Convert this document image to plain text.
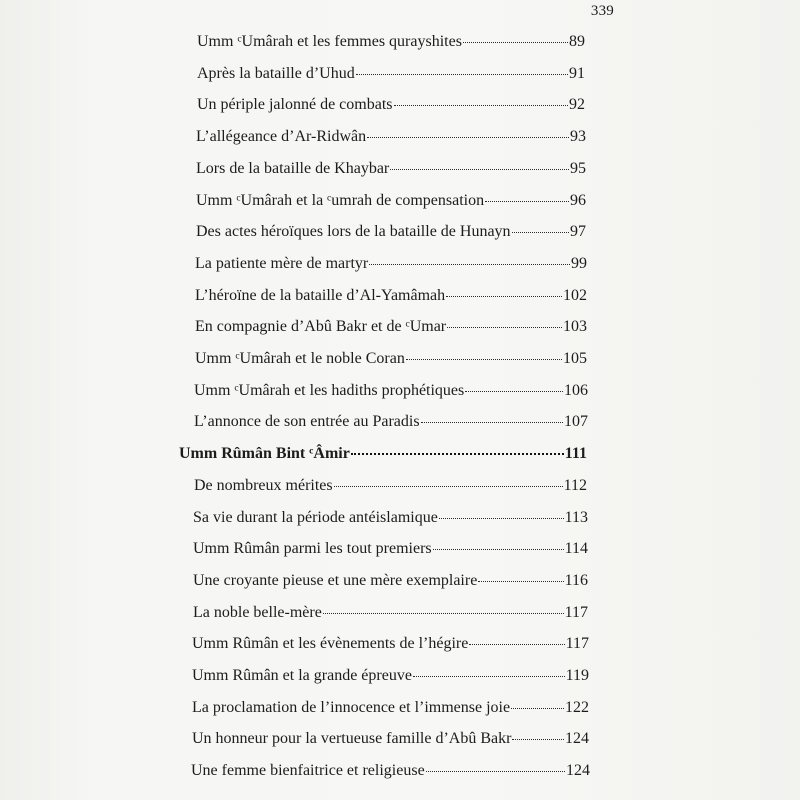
339
Umm ᶜUmârah et les femmes qurayshites	89
Après la bataille d’Uhud	91
Un périple jalonné de combats	92
L’allégeance d’Ar-Ridwân	93
Lors de la bataille de Khaybar	95
Umm ᶜUmârah et la ᶜumrah de compensation	96
Des actes héroïques lors de la bataille de Hunayn	97
La patiente mère de martyr	99
L’héroïne de la bataille d’Al-Yamâmah	102
En compagnie d’Abû Bakr et de ᶜUmar	103
Umm ᶜUmârah et le noble Coran	105
Umm ᶜUmârah et les hadiths prophétiques	106
L’annonce de son entrée au Paradis	107
Umm Rûmân Bint ᶜÂmir	111
De nombreux mérites	112
Sa vie durant la période antéislamique	113
Umm Rûmân parmi les tout premiers	114
Une croyante pieuse et une mère exemplaire	116
La noble belle-mère	117
Umm Rûmân et les évènements de l’hégire	117
Umm Rûmân et la grande épreuve	119
La proclamation de l’innocence et l’immense joie	122
Un honneur pour la vertueuse famille d’Abû Bakr	124
Une femme bienfaitrice et religieuse	124
